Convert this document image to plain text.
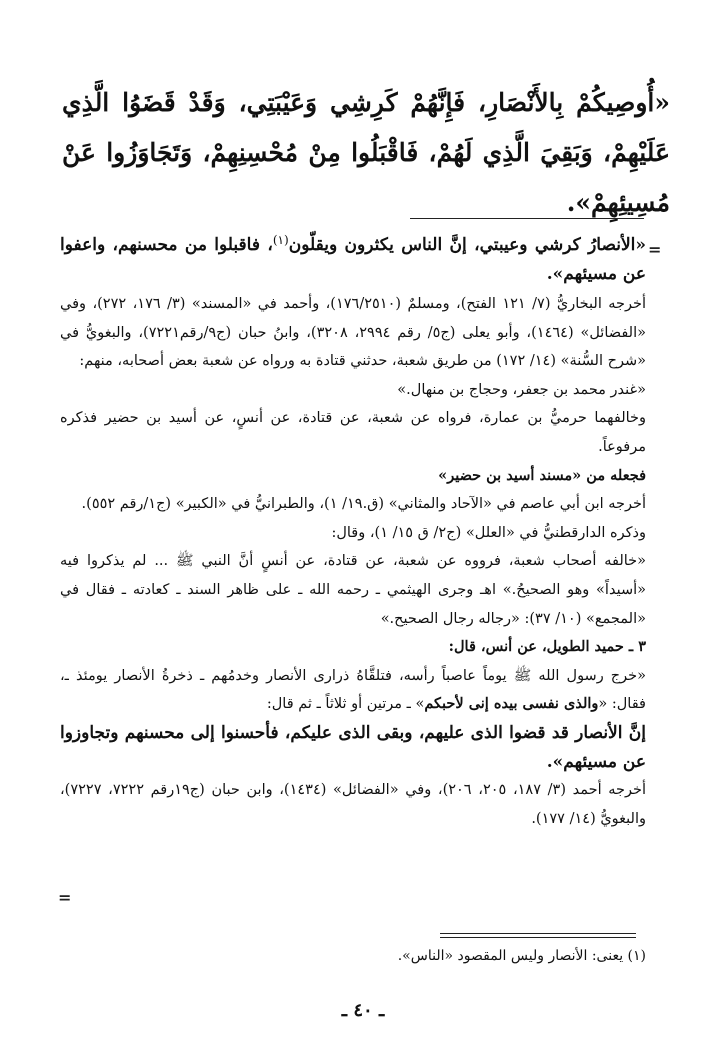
«أُوصِيكُمْ بِالأَنْصَارِ، فَإِنَّهُمْ كَرِشِي وَعَيْبَتِي، وَقَدْ قَضَوُا الَّذِي عَلَيْهِمْ، وَبَقِيَ الَّذِي لَهُمْ، فَاقْبَلُوا مِنْ مُحْسِنِهِمْ، وَتَجَاوَزُوا عَنْ مُسِيئِهِمْ».
=
=

«الأنصارُ كرشي وعيبتي، إنَّ الناس يكثرون ويقلّون$^{(١)}$، فاقبلوا من محسنهم، واعفوا عن مسيئهم».

أخرجه البخاريُّ (٧/ ١٢١ الفتح)، ومسلمٌ (١٧٦/٢٥١٠)، وأحمد في «المسند» (٣/ ١٧٦، ٢٧٢)، وفي «الفضائل» (١٤٦٤)، وأبو يعلى (ج٥/ رقم ٢٩٩٤، ٣٢٠٨)، وابنُ حبان (ج٩/رقم٧٢٢١)، والبغويُّ في «شرح السُّنة» (١٤/ ١٧٢) من طريق شعبة، حدثني قتادة به ورواه عن شعبة بعض أصحابه، منهم:

«غندر محمد بن جعفر، وحجاج بن منهال.»

وخالفهما حرميُّ بن عمارة، فرواه عن شعبة، عن قتادة، عن أنسٍ، عن أسيد بن حضير فذكره مرفوعاً.

فجعله من «مسند أسيد بن حضير»

أخرجه ابن أبي عاصم في «الآحاد والمثاني» (ق.١٩/ ١)، والطبرانيُّ في «الكبير» (ج١/رقم ٥٥٢).

وذكره الدارقطنيُّ في «العلل» (ج٢/ ق ١٥/ ١)، وقال:

«خالفه أصحاب شعبة، فرووه عن شعبة، عن قتادة، عن أنسٍ أنَّ النبي ﷺ ... لم يذكروا فيه «أسيداً» وهو الصحيحُ.» اهـ وجرى الهيثمي ـ رحمه الله ـ على ظاهر السند ـ كعادته ـ فقال في «المجمع» (١٠/ ٣٧): «رجاله رجال الصحيح.»

٣ ـ حميد الطويل، عن أنس، قال:

«خرج رسول الله ﷺ يوماً عاصباً رأسه، فتلقَّاهُ ذرارى الأنصار وخدمُهم ـ ذخرةُ الأنصار يومئذ ـ، فقال: «والذى نفسى بيده إنى لأحبكم» ـ مرتين أو ثلاثاً ـ ثم قال:

إنَّ الأنصار قد قضوا الذى عليهم، وبقى الذى عليكم، فأحسنوا إلى محسنهم وتجاوزوا عن مسيئهم».

أخرجه أحمد (٣/ ١٨٧، ٢٠٥، ٢٠٦)، وفي «الفضائل» (١٤٣٤)، وابن حبان (ج١٩رقم ٧٢٢٢، ٧٢٢٧)، والبغويُّ (١٤/ ١٧٧).

(١) يعنى: الأنصار وليس المقصود «الناس».
ـ ٤٠ ـ
